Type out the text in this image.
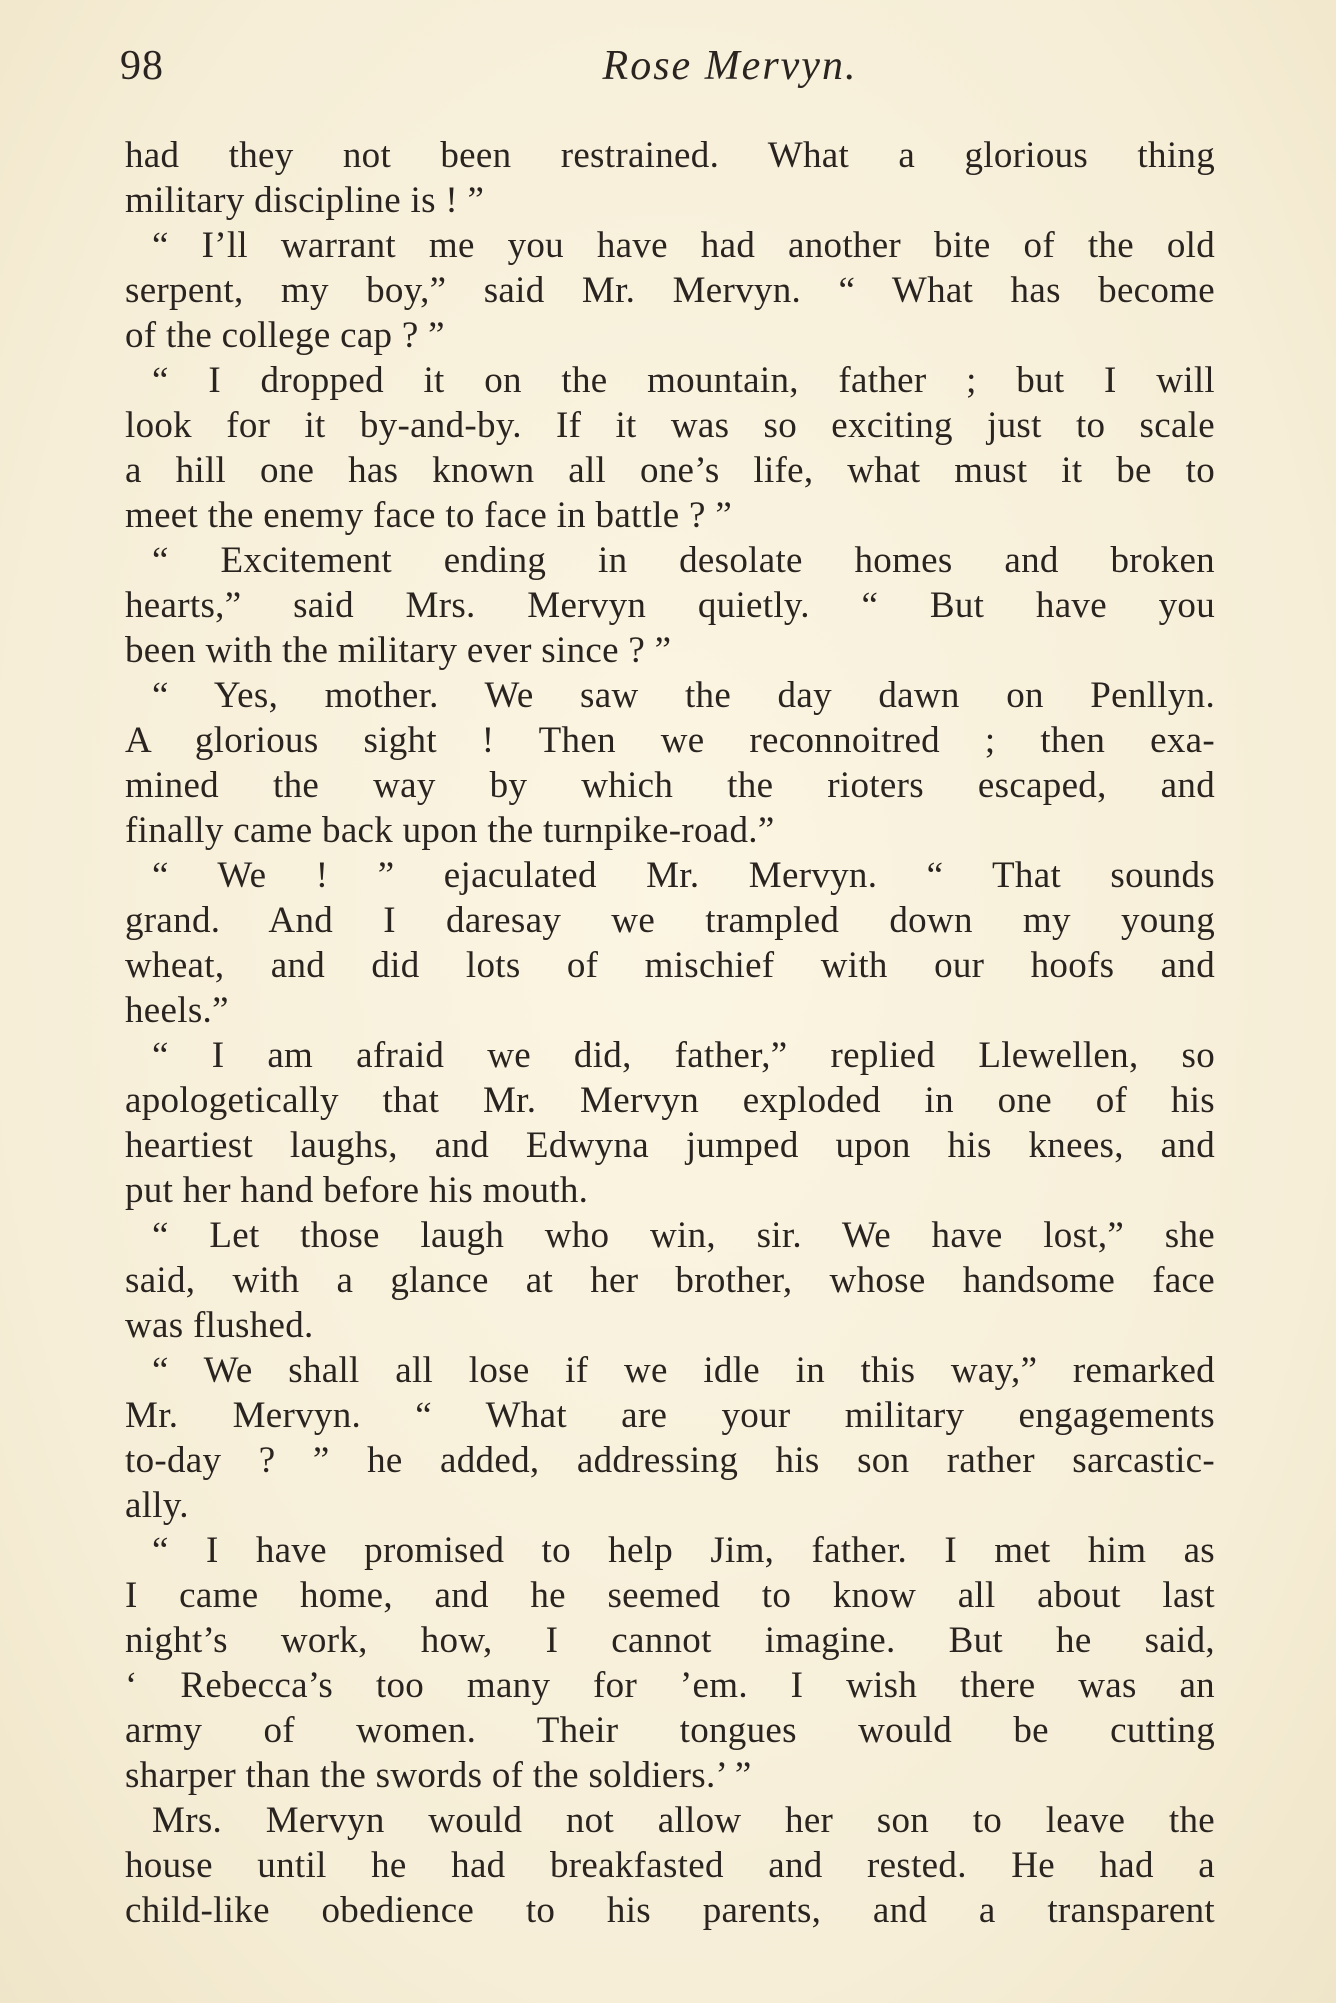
98	Rose Mervyn.
had they not been restrained. What a glorious thing
military discipline is ! ”
“ I’ll warrant me you have had another bite of the old
serpent, my boy,” said Mr. Mervyn. “ What has become
of the college cap ? ”
“ I dropped it on the mountain, father ; but I will
look for it by-and-by. If it was so exciting just to scale
a hill one has known all one’s life, what must it be to
meet the enemy face to face in battle ? ”
“ Excitement ending in desolate homes and broken
hearts,” said Mrs. Mervyn quietly. “ But have you
been with the military ever since ? ”
“ Yes, mother. We saw the day dawn on Penllyn.
A glorious sight ! Then we reconnoitred ; then exa-
mined the way by which the rioters escaped, and
finally came back upon the turnpike-road.”
“ We ! ” ejaculated Mr. Mervyn. “ That sounds
grand. And I daresay we trampled down my young
wheat, and did lots of mischief with our hoofs and
heels.”
“ I am afraid we did, father,” replied Llewellen, so
apologetically that Mr. Mervyn exploded in one of his
heartiest laughs, and Edwyna jumped upon his knees, and
put her hand before his mouth.
“ Let those laugh who win, sir. We have lost,” she
said, with a glance at her brother, whose handsome face
was flushed.
“ We shall all lose if we idle in this way,” remarked
Mr. Mervyn. “ What are your military engagements
to-day ? ” he added, addressing his son rather sarcastic-
ally.
“ I have promised to help Jim, father. I met him as
I came home, and he seemed to know all about last
night’s work, how, I cannot imagine. But he said,
‘ Rebecca’s too many for ’em. I wish there was an
army of women. Their tongues would be cutting
sharper than the swords of the soldiers.’ ”
Mrs. Mervyn would not allow her son to leave the
house until he had breakfasted and rested. He had a
child-like obedience to his parents, and a transparent
